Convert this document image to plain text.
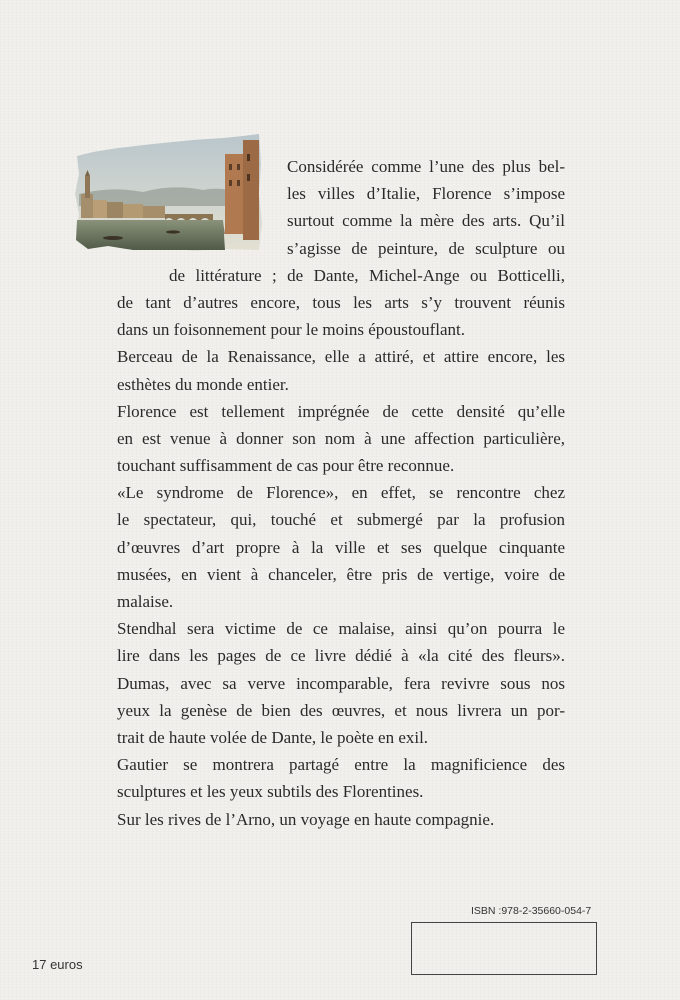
Considérée comme l’une des plus bel-
les villes d’Italie, Florence s’impose
surtout comme la mère des arts. Qu’il
s’agisse de peinture, de sculpture ou
de littérature ; de Dante, Michel-Ange ou Botticelli,
de tant d’autres encore, tous les arts s’y trouvent réunis
dans un foisonnement pour le moins époustouflant.
Berceau de la Renaissance, elle a attiré, et attire encore, les
esthètes du monde entier.
Florence est tellement imprégnée de cette densité qu’elle
en est venue à donner son nom à une affection particulière,
touchant suffisamment de cas pour être reconnue.
«Le syndrome de Florence», en effet, se rencontre chez
le spectateur, qui, touché et submergé par la profusion
d’œuvres d’art propre à la ville et ses quelque cinquante
musées, en vient à chanceler, être pris de vertige, voire de
malaise.
Stendhal sera victime de ce malaise, ainsi qu’on pourra le
lire dans les pages de ce livre dédié à «la cité des fleurs».
Dumas, avec sa verve incomparable, fera revivre sous nos
yeux la genèse de bien des œuvres, et nous livrera un por-
trait de haute volée de Dante, le poète en exil.
Gautier se montrera partagé entre la magnificience des
sculptures et les yeux subtils des Florentines.
Sur les rives de l’Arno, un voyage en haute compagnie.
ISBN :978-2-35660-054-7
17 euros
